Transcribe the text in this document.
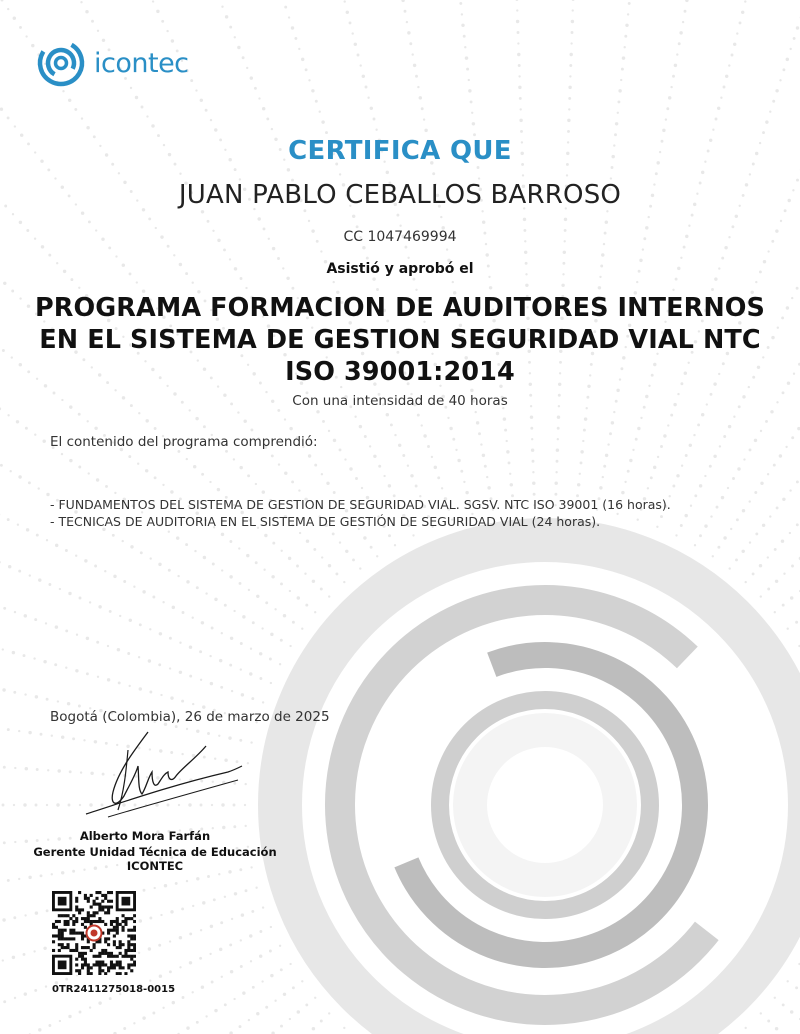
icontec
CERTIFICA QUE
JUAN PABLO CEBALLOS BARROSO
CC 1047469994
Asistió y aprobó el
PROGRAMA FORMACION DE AUDITORES INTERNOS
EN EL SISTEMA DE GESTION SEGURIDAD VIAL NTC
ISO 39001:2014
Con una intensidad de 40 horas
El contenido del programa comprendió:
- FUNDAMENTOS DEL SISTEMA DE GESTION DE SEGURIDAD VIAL. SGSV. NTC ISO 39001 (16 horas).
- TECNICAS DE AUDITORIA EN EL SISTEMA DE GESTIÓN DE SEGURIDAD VIAL (24 horas).
Bogotá (Colombia), 26 de marzo de 2025
Alberto Mora Farfán
Gerente Unidad Técnica de Educación ICONTEC
0TR2411275018-0015
